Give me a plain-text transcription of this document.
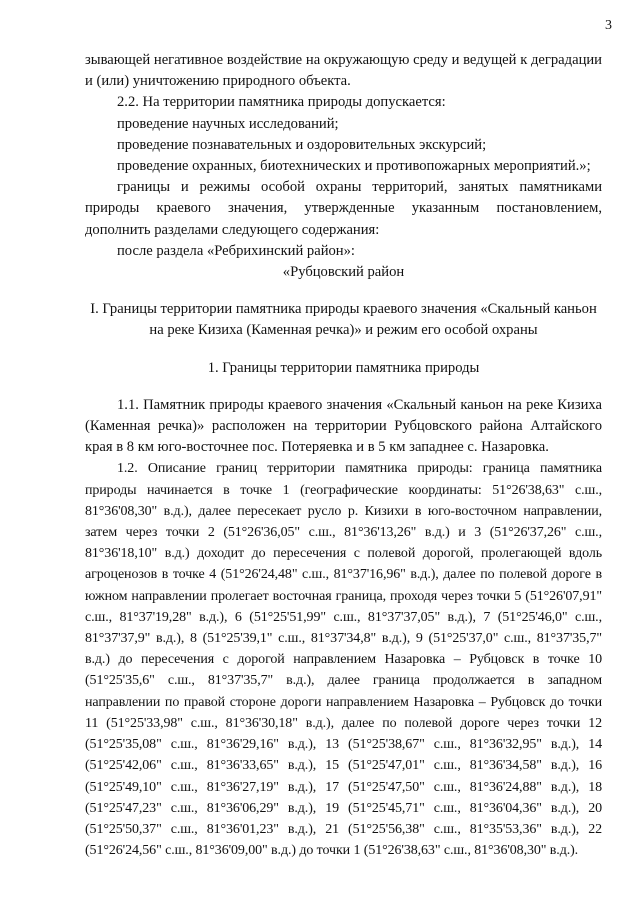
3

зывающей негативное воздействие на окружающую среду и ведущей к деградации и (или) уничтожению природного объекта.

2.2. На территории памятника природы допускается:

проведение научных исследований;

проведение познавательных и оздоровительных экскурсий;

проведение охранных, биотехнических и противопожарных мероприятий.»;

границы и режимы особой охраны территорий, занятых памятниками природы краевого значения, утвержденные указанным постановлением, дополнить разделами следующего содержания:

после раздела «Ребрихинский район»:

«Рубцовский район

I. Границы территории памятника природы краевого значения «Скальный каньон на реке Кизиха (Каменная речка)» и режим его особой охраны

1. Границы территории памятника природы

1.1. Памятник природы краевого значения «Скальный каньон на реке Кизиха (Каменная речка)» расположен на территории Рубцовского района Алтайского края в 8 км юго-восточнее пос. Потеряевка и в 5 км западнее с. Назаровка.

1.2. Описание границ территории памятника природы: граница памятника природы начинается в точке 1 (географические координаты: 51°26'38,63" с.ш., 81°36'08,30" в.д.), далее пересекает русло р. Кизихи в юго-восточном направлении, затем через точки 2 (51°26'36,05" с.ш., 81°36'13,26" в.д.) и 3 (51°26'37,26" с.ш., 81°36'18,10" в.д.) доходит до пересечения с полевой дорогой, пролегающей вдоль агроценозов в точке 4 (51°26'24,48" с.ш., 81°37'16,96" в.д.), далее по полевой дороге в южном направлении пролегает восточная граница, проходя через точки 5 (51°26'07,91" с.ш., 81°37'19,28" в.д.), 6 (51°25'51,99" с.ш., 81°37'37,05" в.д.), 7 (51°25'46,0" с.ш., 81°37'37,9" в.д.), 8 (51°25'39,1" с.ш., 81°37'34,8" в.д.), 9 (51°25'37,0" с.ш., 81°37'35,7" в.д.) до пересечения с дорогой направлением Назаровка – Рубцовск в точке 10 (51°25'35,6" с.ш., 81°37'35,7" в.д.), далее граница продолжается в западном направлении по правой стороне дороги направлением Назаровка – Рубцовск до точки 11 (51°25'33,98" с.ш., 81°36'30,18" в.д.), далее по полевой дороге через точки 12 (51°25'35,08" с.ш., 81°36'29,16" в.д.), 13 (51°25'38,67" с.ш., 81°36'32,95" в.д.), 14 (51°25'42,06" с.ш., 81°36'33,65" в.д.), 15 (51°25'47,01" с.ш., 81°36'34,58" в.д.), 16 (51°25'49,10" с.ш., 81°36'27,19" в.д.), 17 (51°25'47,50" с.ш., 81°36'24,88" в.д.), 18 (51°25'47,23" с.ш., 81°36'06,29" в.д.), 19 (51°25'45,71" с.ш., 81°36'04,36" в.д.), 20 (51°25'50,37" с.ш., 81°36'01,23" в.д.), 21 (51°25'56,38" с.ш., 81°35'53,36" в.д.), 22 (51°26'24,56" с.ш., 81°36'09,00" в.д.) до точки 1 (51°26'38,63" с.ш., 81°36'08,30" в.д.).
